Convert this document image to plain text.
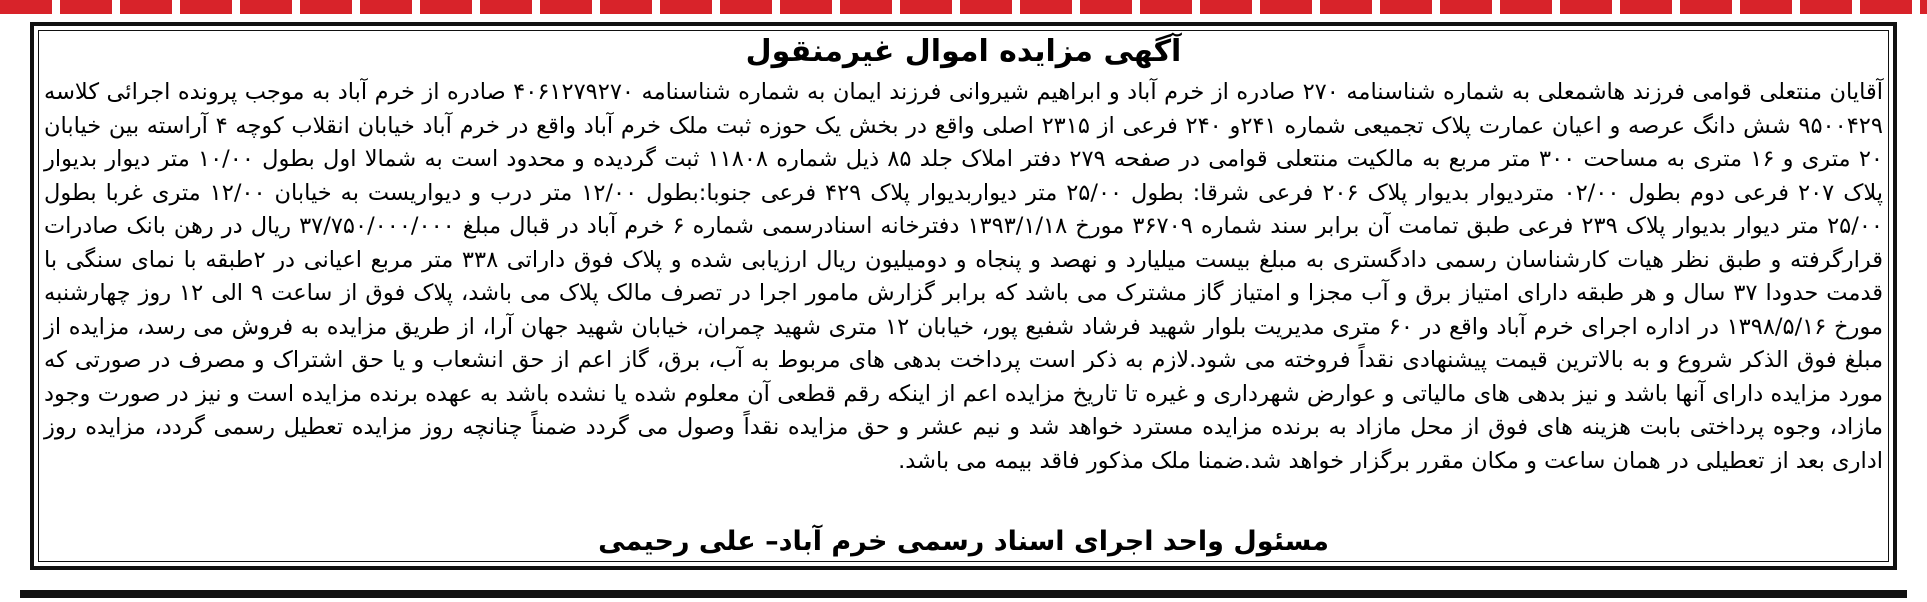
آگهی مزایده اموال غیرمنقول
آقایان منتعلی قوامی فرزند هاشمعلی به شماره شناسنامه ۲۷۰ صادره از خرم آباد و ابراهیم شیروانی فرزند ایمان به شماره شناسنامه ۴۰۶۱۲۷۹۲۷۰ صادره از خرم آباد به موجب پرونده اجرائی کلاسه ۹۵۰۰۴۲۹ شش دانگ عرصه و اعیان عمارت پلاک تجمیعی شماره ۲۴۱و ۲۴۰ فرعی از ۲۳۱۵ اصلی واقع در بخش یک حوزه ثبت ملک خرم آباد واقع در خرم آباد خیابان انقلاب کوچه ۴ آراسته بین خیابان ۲۰ متری و ۱۶ متری به مساحت ۳۰۰ متر مربع به مالکیت منتعلی قوامی در صفحه ۲۷۹ دفتر املاک جلد ۸۵ ذیل شماره ۱۱۸۰۸ ثبت گردیده و محدود است به شمالا اول بطول ۱۰/۰۰ متر دیوار بدیوار پلاک ۲۰۷ فرعی دوم بطول ۰۲/۰۰ متردیوار بدیوار پلاک ۲۰۶ فرعی شرقا: بطول ۲۵/۰۰ متر دیواربدیوار پلاک ۴۲۹ فرعی جنوبا:بطول ۱۲/۰۰ متر درب و دیواریست به خیابان ۱۲/۰۰ متری غربا بطول ۲۵/۰۰ متر دیوار بدیوار پلاک ۲۳۹ فرعی طبق تمامت آن برابر سند شماره ۳۶۷۰۹ مورخ ۱۳۹۳/۱/۱۸ دفترخانه اسنادرسمی شماره ۶ خرم آباد در قبال مبلغ ۳۷/۷۵۰/۰۰۰/۰۰۰ ریال در رهن بانک صادرات قرارگرفته و طبق نظر هیات کارشناسان رسمی دادگستری به مبلغ بیست میلیارد و نهصد و پنجاه و دومیلیون ریال ارزیابی شده و پلاک فوق داراتی ۳۳۸ متر مربع اعیانی در ۲طبقه با نمای سنگی با قدمت حدودا ۳۷ سال و هر طبقه دارای امتیاز برق و آب مجزا و امتیاز گاز مشترک می باشد که برابر گزارش مامور اجرا در تصرف مالک پلاک می باشد، پلاک فوق از ساعت ۹ الی ۱۲ روز چهارشنبه مورخ ۱۳۹۸/۵/۱۶ در اداره اجرای خرم آباد واقع در ۶۰ متری مدیریت بلوار شهید فرشاد شفیع پور، خیابان ۱۲ متری شهید چمران، خیابان شهید جهان آرا، از طریق مزایده به فروش می رسد، مزایده از مبلغ فوق الذکر شروع و به بالاترین قیمت پیشنهادی نقداً فروخته می شود.لازم به ذکر است پرداخت بدهی های مربوط به آب، برق، گاز اعم از حق انشعاب و یا حق اشتراک و مصرف در صورتی که مورد مزایده دارای آنها باشد و نیز بدهی های مالیاتی و عوارض شهرداری و غیره تا تاریخ مزایده اعم از اینکه رقم قطعی آن معلوم شده یا نشده باشد به عهده برنده مزایده است و نیز در صورت وجود مازاد، وجوه پرداختی بابت هزینه های فوق از محل مازاد به برنده مزایده مسترد خواهد شد و نیم عشر و حق مزایده نقداً وصول می گردد ضمناً چنانچه روز مزایده تعطیل رسمی گردد، مزایده روز اداری بعد از تعطیلی در همان ساعت و مکان مقرر برگزار خواهد شد.ضمنا ملک مذکور فاقد بیمه می باشد.
مسئول واحد اجرای اسناد رسمی خرم آباد– علی رحیمی
